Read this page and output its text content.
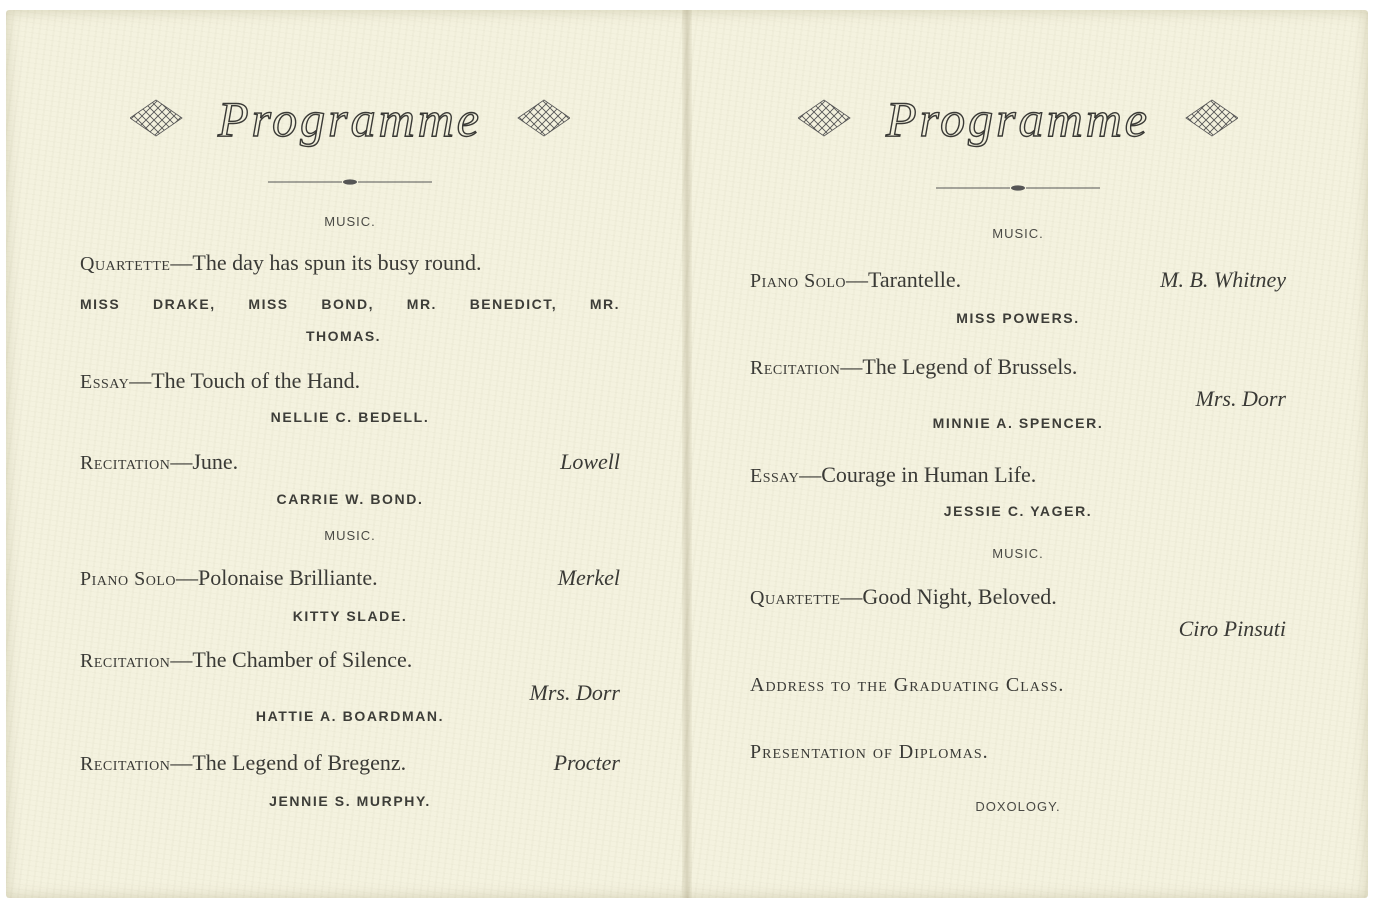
Programme
MUSIC.
Quartette—The day has spun its busy round.
MISS DRAKE, MISS BOND, MR. BENEDICT, MR.
THOMAS.
Essay—The Touch of the Hand.
NELLIE C. BEDELL.
Recitation—June.	Lowell
CARRIE W. BOND.
MUSIC.
Piano Solo—Polonaise Brilliante.	Merkel
KITTY SLADE.
Recitation—The Chamber of Silence.
Mrs. Dorr
HATTIE A. BOARDMAN.
Recitation—The Legend of Bregenz.	Procter
JENNIE S. MURPHY.
Programme
MUSIC.
Piano Solo—Tarantelle.	M. B. Whitney
MISS POWERS.
Recitation—The Legend of Brussels.
Mrs. Dorr
MINNIE A. SPENCER.
Essay—Courage in Human Life.
JESSIE C. YAGER.
MUSIC.
Quartette—Good Night, Beloved.
Ciro Pinsuti
Address to the Graduating Class.
Presentation of Diplomas.
DOXOLOGY.
